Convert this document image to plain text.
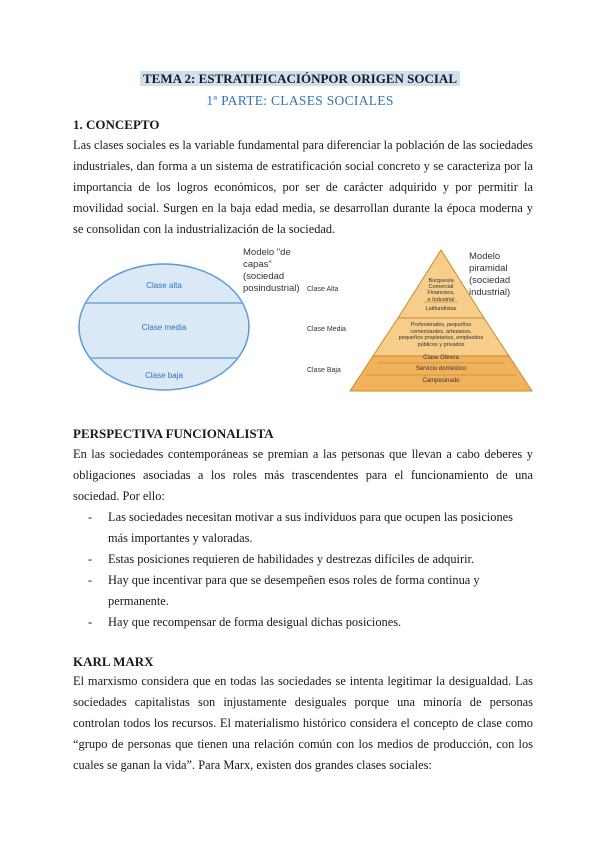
TEMA 2: ESTRATIFICACIÓNPOR ORIGEN SOCIAL
1ª PARTE: CLASES SOCIALES
1. CONCEPTO
Las clases sociales es la variable fundamental para diferenciar la población de las sociedades industriales, dan forma a un sistema de estratificación social concreto y se caracteriza por la importancia de los logros económicos, por ser de carácter adquirido y por permitir la movilidad social. Surgen en la baja edad media, se desarrollan durante la época moderna y se consolidan con la industrialización de la sociedad.
Clase alta
Clase media
Clase baja
Modelo "de capas" (sociedad posindustrial)
Modelo piramidal (sociedad industrial)
Clase Alta
Clase Media
Clase Baja
Burguesía
Comercial
Financiera,
e Industrial
Latifundistas
Profesionales, pequeños
comerciantes, artesanos,
pequeños propietarios, empleados
públicos y privados
Clase Obrera
Servicio doméstico
Campesinado
PERSPECTIVA FUNCIONALISTA
En las sociedades contemporáneas se premian a las personas que llevan a cabo deberes y obligaciones asociadas a los roles más trascendentes para el funcionamiento de una sociedad. Por ello:
- Las sociedades necesitan motivar a sus individuos para que ocupen las posiciones más importantes y valoradas.
- Estas posiciones requieren de habilidades y destrezas difíciles de adquirir.
- Hay que incentivar para que se desempeñen esos roles de forma continua y permanente.
- Hay que recompensar de forma desigual dichas posiciones.
KARL MARX
El marxismo considera que en todas las sociedades se intenta legitimar la desigualdad. Las sociedades capitalistas son injustamente desiguales porque una minoría de personas controlan todos los recursos. El materialismo histórico considera el concepto de clase como “grupo de personas que tienen una relación común con los medios de producción, con los cuales se ganan la vida”. Para Marx, existen dos grandes clases sociales:
